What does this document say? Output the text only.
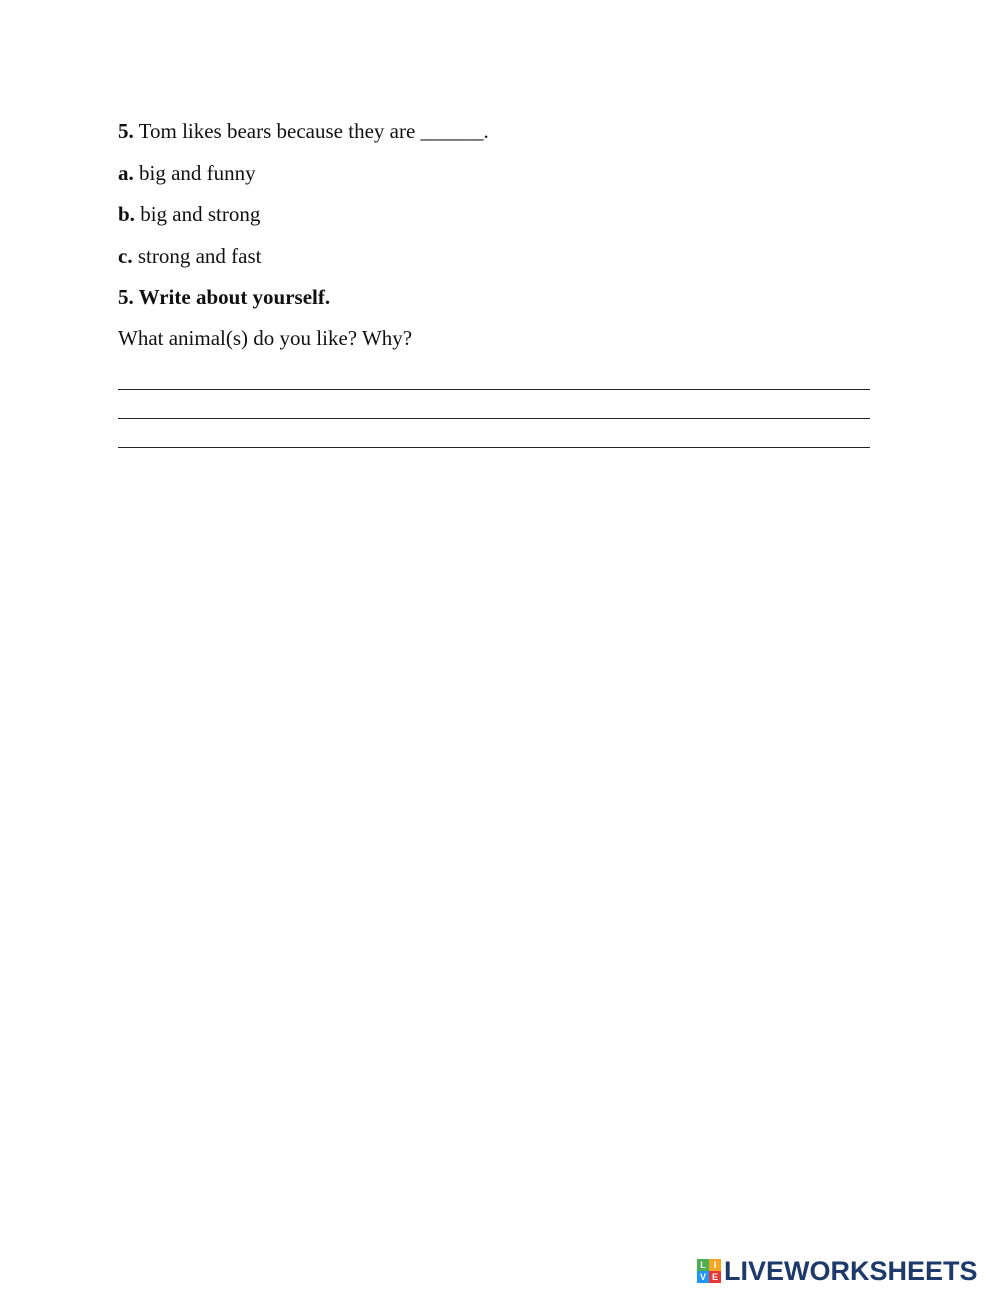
5. Tom likes bears because they are ______.
a. big and funny
b. big and strong
c. strong and fast
5. Write about yourself.
What animal(s) do you like? Why?
L I
V E LIVEWORKSHEETS
